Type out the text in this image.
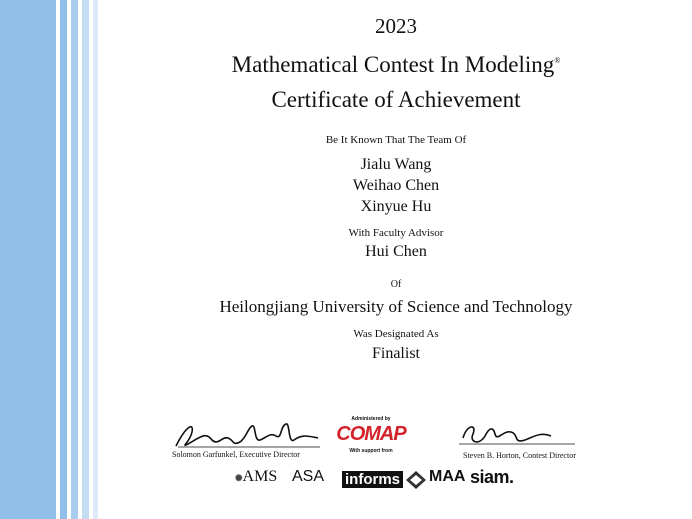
2023
Mathematical Contest In Modeling®
Certificate of Achievement
Be It Known That The Team Of
Jialu Wang
Weihao Chen
Xinyue Hu
With Faculty Advisor
Hui Chen
Of
Heilongjiang University of Science and Technology
Was Designated As
Finalist
Solomon Garfunkel, Executive Director	Steven B. Horton, Contest Director
Administered by
COMAP
With support from
✺AMS ASA informs MAA siam.
